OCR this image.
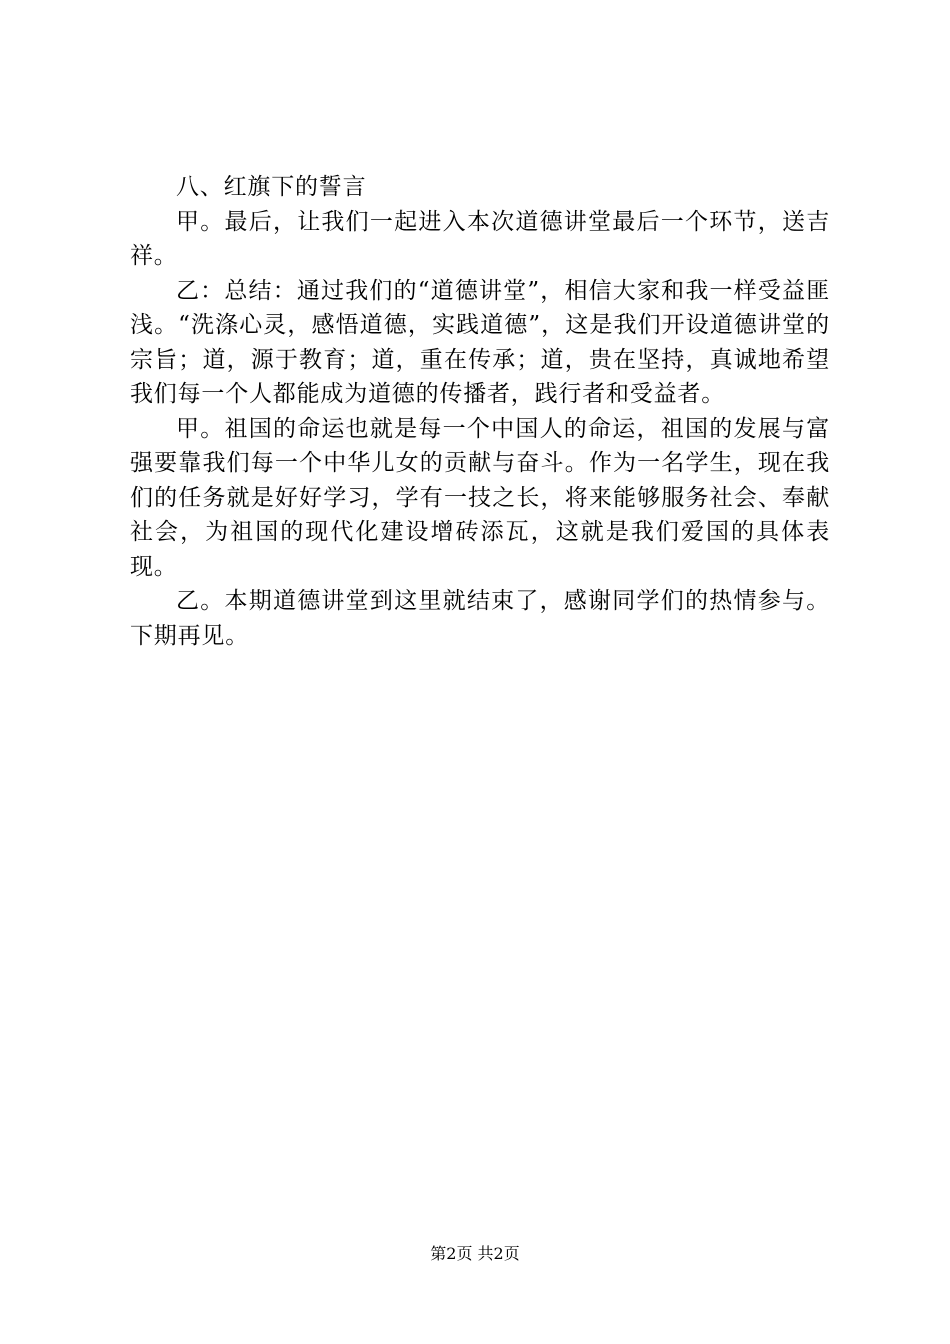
八、红旗下的誓言

甲。最后，让我们一起进入本次道德讲堂最后一个环节，送吉祥。

乙：总结：通过我们的“道德讲堂”，相信大家和我一样受益匪浅。“洗涤心灵，感悟道德，实践道德”，这是我们开设道德讲堂的宗旨；道，源于教育；道，重在传承；道，贵在坚持，真诚地希望我们每一个人都能成为道德的传播者，践行者和受益者。

甲。祖国的命运也就是每一个中国人的命运，祖国的发展与富强要靠我们每一个中华儿女的贡献与奋斗。作为一名学生，现在我们的任务就是好好学习，学有一技之长，将来能够服务社会、奉献社会，为祖国的现代化建设增砖添瓦，这就是我们爱国的具体表现。

乙。本期道德讲堂到这里就结束了，感谢同学们的热情参与。下期再见。

第2页 共2页
